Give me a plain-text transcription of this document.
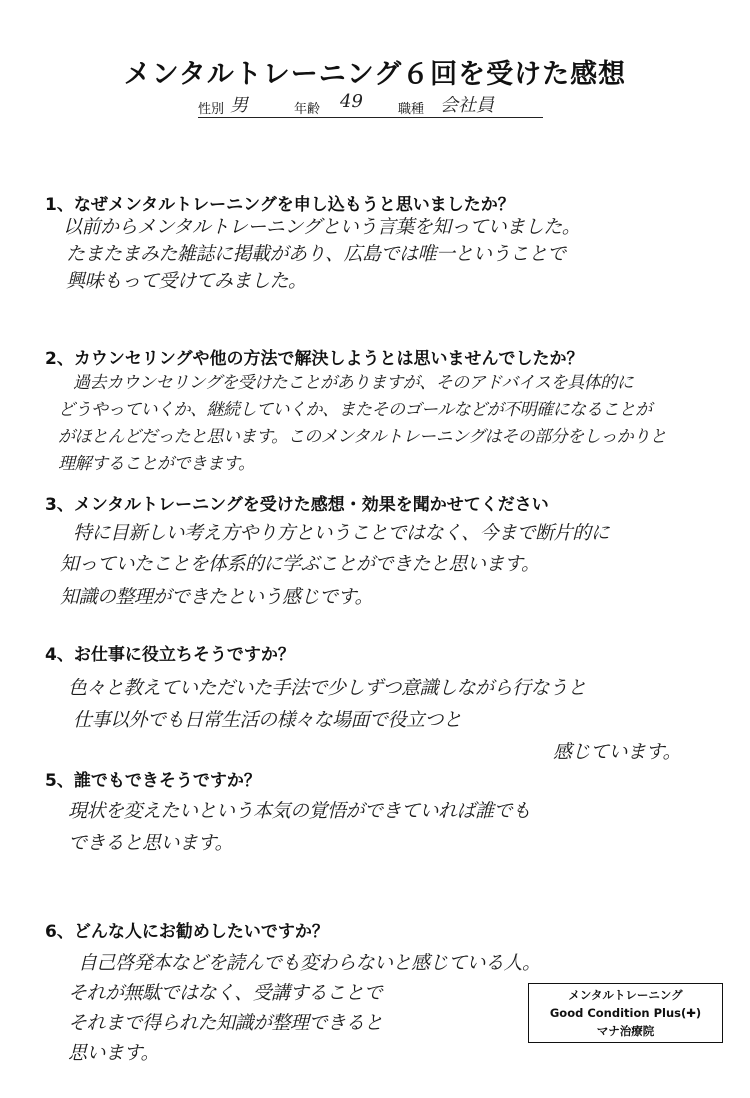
メンタルトレーニング６回を受けた感想
性別 男	年齢 49	職種 会社員
1、なぜメンタルトレーニングを申し込もうと思いましたか？
以前からメンタルトレーニングという言葉を知っていました。
たまたまみた雑誌に掲載があり、広島では唯一ということで
興味もって受けてみました。
2、カウンセリングや他の方法で解決しようとは思いませんでしたか？
過去カウンセリングを受けたことがありますが、そのアドバイスを具体的に
どうやっていくか、継続していくか、またそのゴールなどが不明確になることが
がほとんどだったと思います。このメンタルトレーニングはその部分をしっかりと
理解することができます。
3、メンタルトレーニングを受けた感想・効果を聞かせてください
特に目新しい考え方やり方ということではなく、今まで断片的に
知っていたことを体系的に学ぶことができたと思います。
知識の整理ができたという感じです。
4、お仕事に役立ちそうですか？
色々と教えていただいた手法で少しずつ意識しながら行なうと
仕事以外でも日常生活の様々な場面で役立つと
感じています。
5、誰でもできそうですか？
現状を変えたいという本気の覚悟ができていれば誰でも
できると思います。
6、どんな人にお勧めしたいですか？
自己啓発本などを読んでも変わらないと感じている人。
それが無駄ではなく、受講することで
それまで得られた知識が整理できると
思います。
メンタルトレーニング
Good Condition Plus(✚)
マナ治療院
